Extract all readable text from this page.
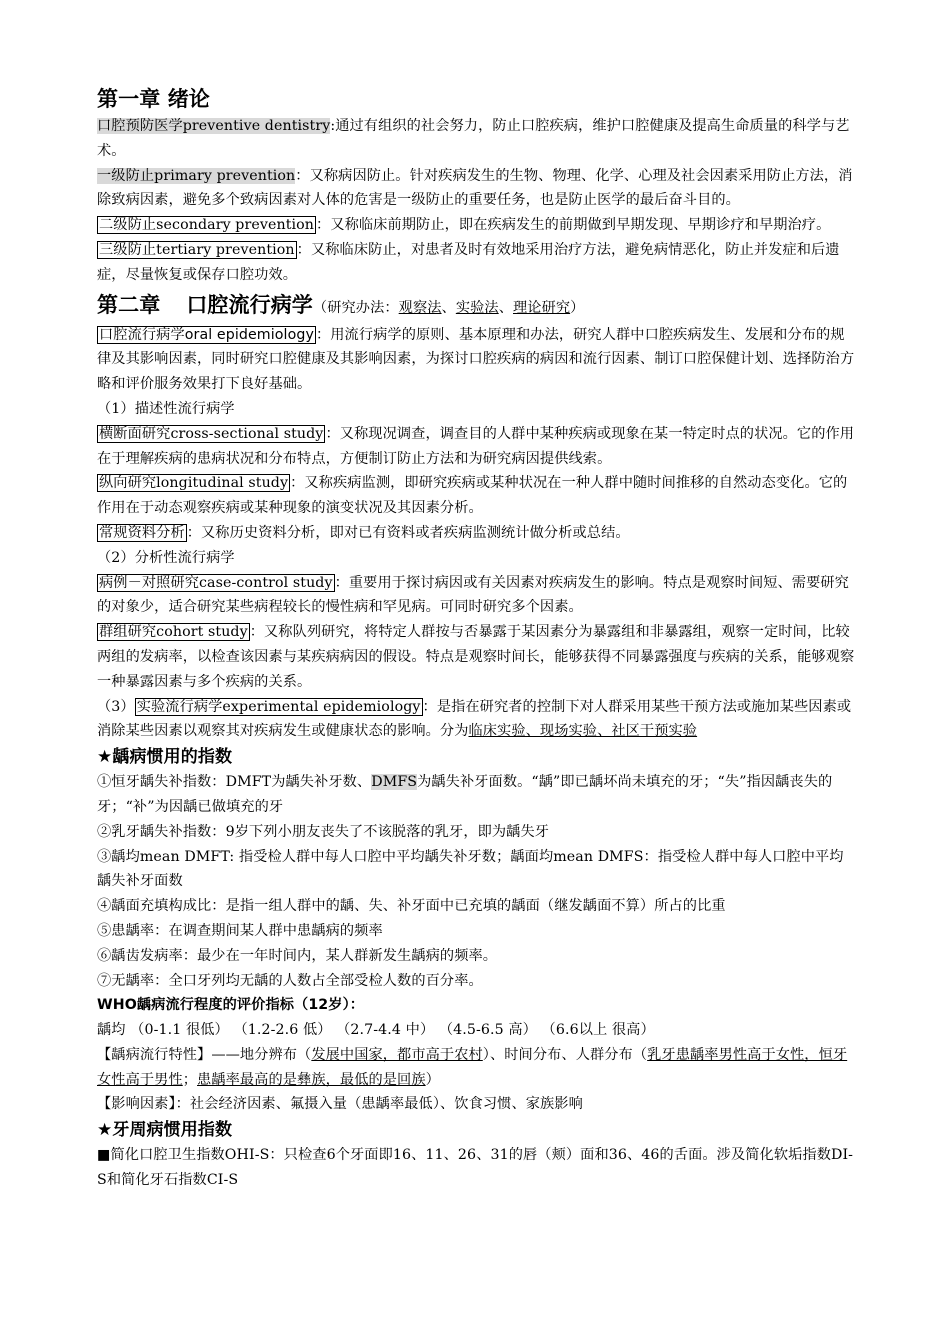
第一章 绪论

口腔预防医学preventive dentistry:通过有组织的社会努力，防止口腔疾病，维护口腔健康及提高生命质量的科学与艺术。

一级防止primary prevention：又称病因防止。针对疾病发生的生物、物理、化学、心理及社会因素采用防止方法，消除致病因素，避免多个致病因素对人体的危害是一级防止的重要任务，也是防止医学的最后奋斗目的。

二级防止secondary prevention ：又称临床前期防止，即在疾病发生的前期做到早期发现、早期诊疗和早期治疗。

三级防止tertiary prevention ：又称临床防止，对患者及时有效地采用治疗方法，避免病情恶化，防止并发症和后遗症，尽量恢复或保存口腔功效。

第二章 口腔流行病学（研究办法：观察法、实验法、理论研究）

口腔流行病学oral epidemiology ：用流行病学的原则、基本原理和办法，研究人群中口腔疾病发生、发展和分布的规律及其影响因素，同时研究口腔健康及其影响因素，为探讨口腔疾病的病因和流行因素、制订口腔保健计划、选择防治方略和评价服务效果打下良好基础。

（1）描述性流行病学

横断面研究cross-sectional study ：又称现况调查，调查目的人群中某种疾病或现象在某一特定时点的状况。它的作用在于理解疾病的患病状况和分布特点，方便制订防止方法和为研究病因提供线索。

纵向研究longitudinal study ：又称疾病监测，即研究疾病或某种状况在一种人群中随时间推移的自然动态变化。它的作用在于动态观察疾病或某种现象的演变状况及其因素分析。

常规资料分析 ：又称历史资料分析，即对已有资料或者疾病监测统计做分析或总结。

（2）分析性流行病学

病例－对照研究case-control study ：重要用于探讨病因或有关因素对疾病发生的影响。特点是观察时间短、需要研究的对象少，适合研究某些病程较长的慢性病和罕见病。可同时研究多个因素。

群组研究cohort study ：又称队列研究，将特定人群按与否暴露于某因素分为暴露组和非暴露组，观察一定时间，比较两组的发病率，以检查该因素与某疾病病因的假设。特点是观察时间长，能够获得不同暴露强度与疾病的关系，能够观察一种暴露因素与多个疾病的关系。

（3） 实验流行病学experimental epidemiology ：是指在研究者的控制下对人群采用某些干预方法或施加某些因素或消除某些因素以观察其对疾病发生或健康状态的影响。分为临床实验、现场实验、社区干预实验

★龋病惯用的指数

①恒牙龋失补指数：DMFT为龋失补牙数、DMFS为龋失补牙面数。“龋”即已龋坏尚未填充的牙；“失”指因龋丧失的牙；“补”为因龋已做填充的牙

②乳牙龋失补指数：9岁下列小朋友丧失了不该脱落的乳牙，即为龋失牙

③龋均mean DMFT: 指受检人群中每人口腔中平均龋失补牙数；龋面均mean DMFS：指受检人群中每人口腔中平均龋失补牙面数

④龋面充填构成比：是指一组人群中的龋、失、补牙面中已充填的龋面（继发龋面不算）所占的比重

⑤患龋率：在调查期间某人群中患龋病的频率

⑥龋齿发病率：最少在一年时间内，某人群新发生龋病的频率。

⑦无龋率：全口牙列均无龋的人数占全部受检人数的百分率。

WHO龋病流行程度的评价指标（12岁）：

龋均 （0-1.1 很低） （1.2-2.6 低） （2.7-4.4 中） （4.5-6.5 高） （6.6以上 很高）

【龋病流行特性】——地分辨布（发展中国家，都市高于农村）、时间分布、人群分布（乳牙患龋率男性高于女性，恒牙女性高于男性；患龋率最高的是彝族，最低的是回族）

【影响因素】：社会经济因素、氟摄入量（患龋率最低）、饮食习惯、家族影响

★牙周病惯用指数

■简化口腔卫生指数OHI-S：只检查6个牙面即16、11、26、31的唇（颊）面和36、46的舌面。涉及简化软垢指数DI-S和简化牙石指数CI-S
